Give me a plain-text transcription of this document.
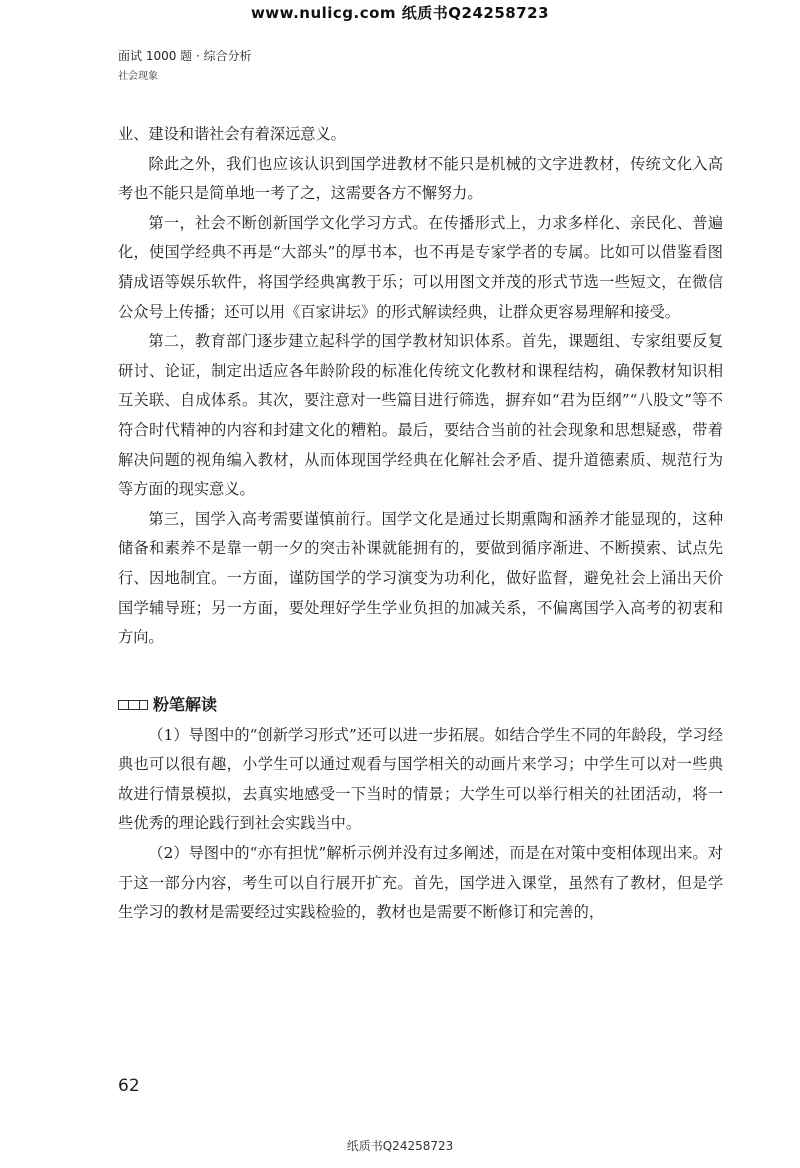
www.nulicg.com 纸质书Q24258723
面试 1000 题 · 综合分析
社会现象

业、建设和谐社会有着深远意义。

除此之外，我们也应该认识到国学进教材不能只是机械的文字进教材，传统文化入高考也不能只是简单地一考了之，这需要各方不懈努力。

第一，社会不断创新国学文化学习方式。在传播形式上，力求多样化、亲民化、普遍化，使国学经典不再是“大部头”的厚书本，也不再是专家学者的专属。比如可以借鉴看图猜成语等娱乐软件，将国学经典寓教于乐；可以用图文并茂的形式节选一些短文，在微信公众号上传播；还可以用《百家讲坛》的形式解读经典，让群众更容易理解和接受。

第二，教育部门逐步建立起科学的国学教材知识体系。首先，课题组、专家组要反复研讨、论证，制定出适应各年龄阶段的标准化传统文化教材和课程结构，确保教材知识相互关联、自成体系。其次，要注意对一些篇目进行筛选，摒弃如“君为臣纲”“八股文”等不符合时代精神的内容和封建文化的糟粕。最后，要结合当前的社会现象和思想疑惑，带着解决问题的视角编入教材，从而体现国学经典在化解社会矛盾、提升道德素质、规范行为等方面的现实意义。

第三，国学入高考需要谨慎前行。国学文化是通过长期熏陶和涵养才能显现的，这种储备和素养不是靠一朝一夕的突击补课就能拥有的，要做到循序渐进、不断摸索、试点先行、因地制宜。一方面，谨防国学的学习演变为功利化，做好监督，避免社会上涌出天价国学辅导班；另一方面，要处理好学生学业负担的加减关系，不偏离国学入高考的初衷和方向。

粉笔解读

（1）导图中的“创新学习形式”还可以进一步拓展。如结合学生不同的年龄段，学习经典也可以很有趣，小学生可以通过观看与国学相关的动画片来学习；中学生可以对一些典故进行情景模拟，去真实地感受一下当时的情景；大学生可以举行相关的社团活动，将一些优秀的理论践行到社会实践当中。

（2）导图中的“亦有担忧”解析示例并没有过多阐述，而是在对策中变相体现出来。对于这一部分内容，考生可以自行展开扩充。首先，国学进入课堂，虽然有了教材，但是学生学习的教材是需要经过实践检验的，教材也是需要不断修订和完善的，

62
纸质书Q24258723
